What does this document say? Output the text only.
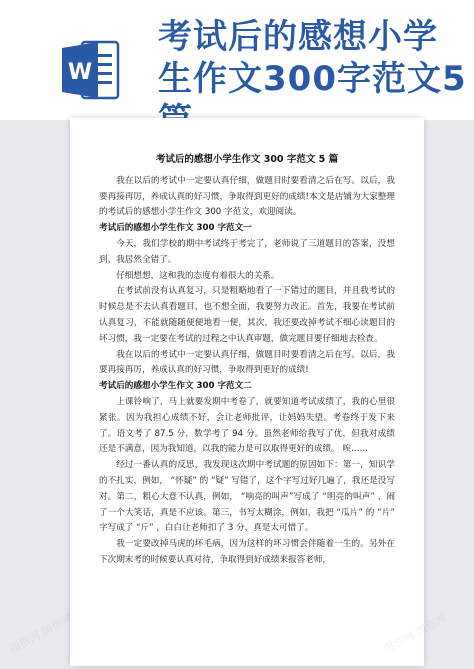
W
考试后的感想小学
生作文300字范文5
考试后的感想小学生作文 300 字范文 5 篇

我在以后的考试中一定要认真仔细，做题目时要看清之后在写。以后，我要再接再厉，养成认真的好习惯，争取得到更好的成绩!本文是店铺为大家整理的考试后的感想小学生作文 300 字范文，欢迎阅读。

考试后的感想小学生作文 300 字范文一

今天，我们学校的期中考试终于考完了，老师说了三道题目的答案，没想到，我居然全错了。

仔细想想，这和我的态度有着很大的关系。

在考试前没有认真复习，只是粗略地看了一下错过的题目，并且我考试的时候总是不去认真看题目，也不想全面，我要努力改正。首先，我要在考试前认真复习，不能就随随便便地看一便，其次，我还要改掉考试不细心读题目的坏习惯，我一定要在考试的过程之中认真审题，做完题目要仔细地去检查。

我在以后的考试中一定要认真仔细，做题目时要看清之后在写。以后，我要再接再厉，养成认真的好习惯，争取得到更好的成绩!

考试后的感想小学生作文 300 字范文二

上课铃响了，马上就要发期中考卷了，就要知道考试成绩了，我的心里很紧张。因为我担心成绩不好，会让老师批评，让妈妈失望。考卷终于发下来了。语文考了 87.5 分，数学考了 94 分。虽然老师给我写了优，但我对成绩还是不满意，因为我知道，以我的能力是可以取得更好的成绩。 唉……

经过一番认真的反思，我发现这次期中考试题的原因如下：第一，知识学的不扎实，例如， “怀疑” 的 “疑” 写错了，这个字写过好几遍了，我还是没写对。第二，粗心大意不认真，例如， “响亮的叫声”写成了 “明亮的叫声” ，闹了一个大笑话，真是不应该。第三，书写太糊涂，例如，我把 “瓜片” 的 “片” 字写成了 “斤” ，白白让老师扣了 3 分，真是太可惜了。

我一定要改掉马虎的坏毛病，因为这样的坏习惯会伴随着一生的。另外在下次期末考的时候要认真对待，争取得到好成绩来报答老师，

图创网 图创网	图创网 图创网
